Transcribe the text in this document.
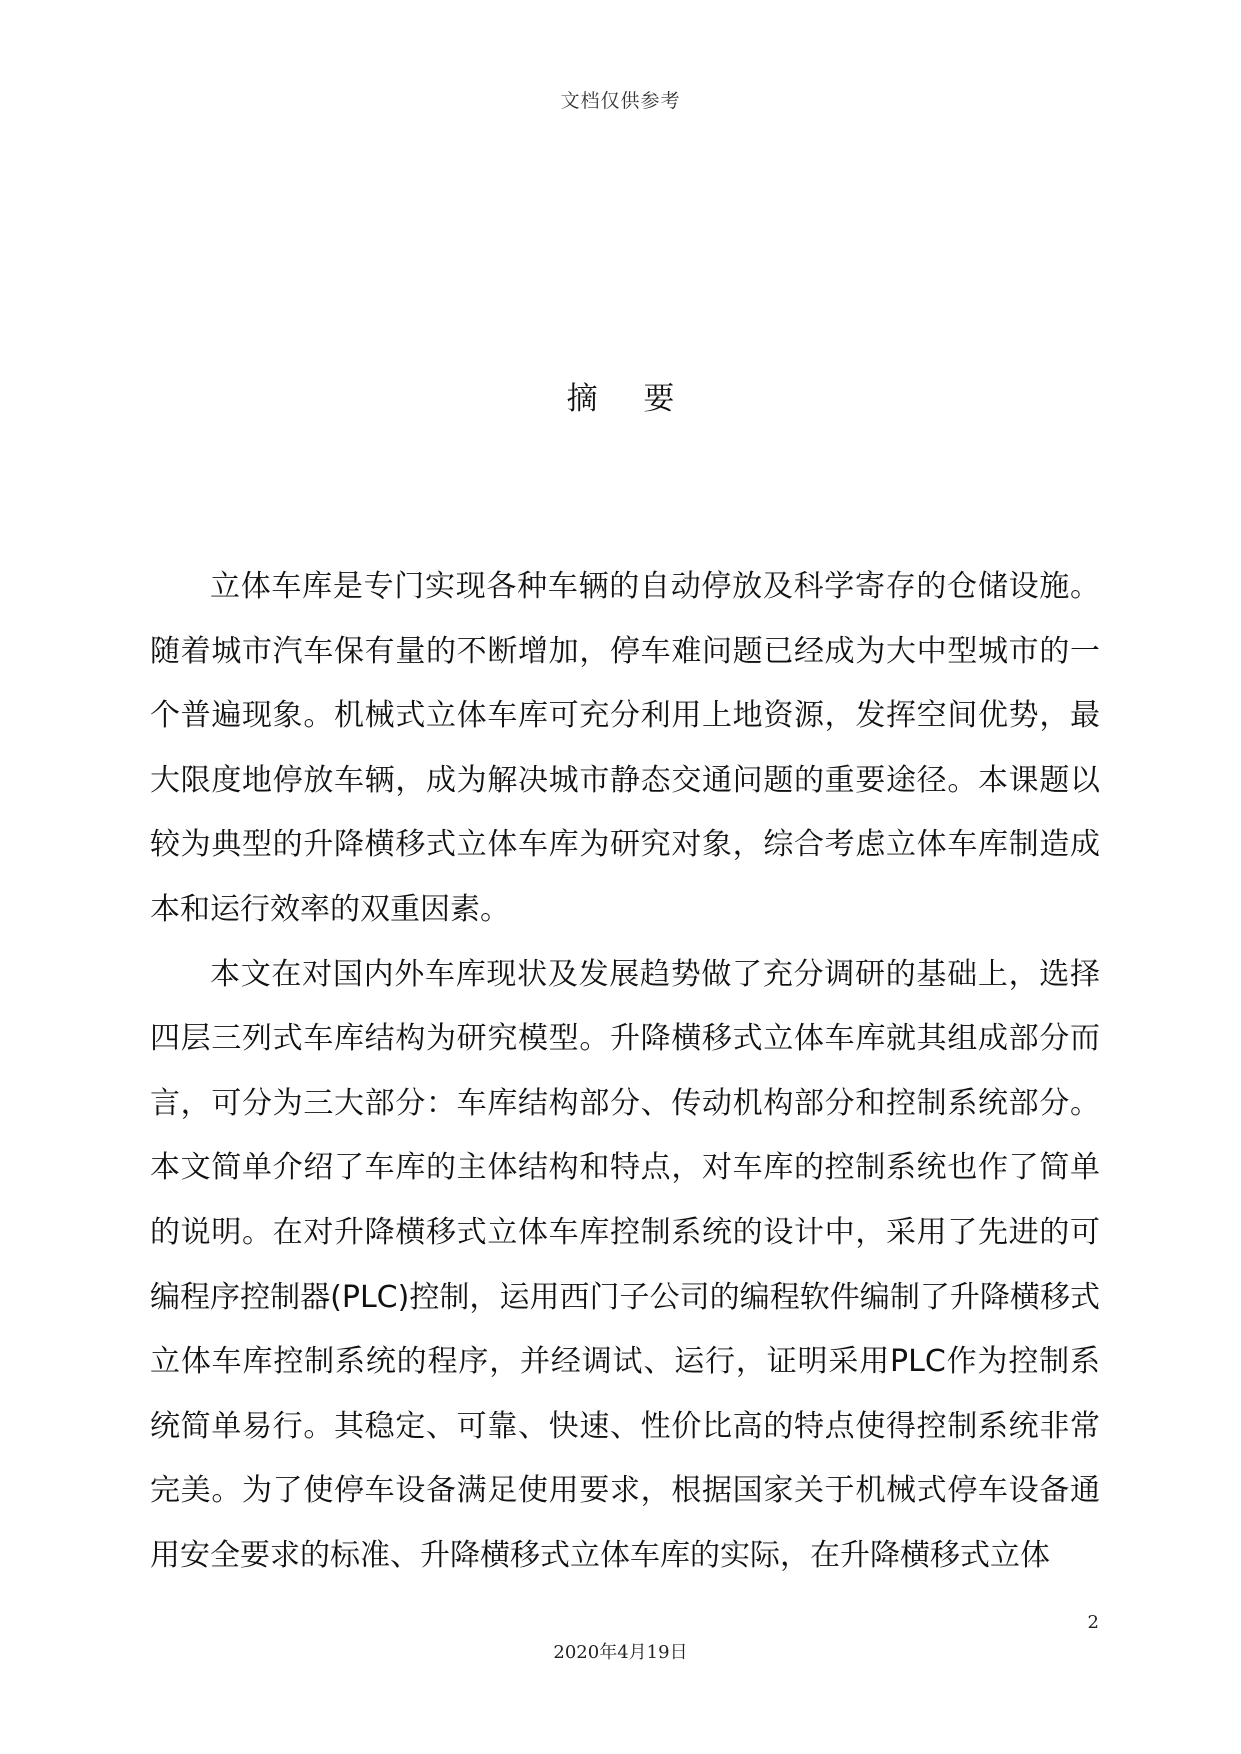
文档仅供参考
摘 要

立体车库是专门实现各种车辆的自动停放及科学寄存的仓储设施。随着城市汽车保有量的不断增加，停车难问题已经成为大中型城市的一个普遍现象。机械式立体车库可充分利用上地资源，发挥空间优势，最大限度地停放车辆，成为解决城市静态交通问题的重要途径。本课题以较为典型的升降横移式立体车库为研究对象，综合考虑立体车库制造成本和运行效率的双重因素。

本文在对国内外车库现状及发展趋势做了充分调研的基础上，选择四层三列式车库结构为研究模型。升降横移式立体车库就其组成部分而言，可分为三大部分：车库结构部分、传动机构部分和控制系统部分。本文简单介绍了车库的主体结构和特点，对车库的控制系统也作了简单的说明。在对升降横移式立体车库控制系统的设计中，采用了先进的可编程序控制器(PLC)控制，运用西门子公司的编程软件编制了升降横移式立体车库控制系统的程序，并经调试、运行，证明采用PLC作为控制系统简单易行。其稳定、可靠、快速、性价比高的特点使得控制系统非常完美。为了使停车设备满足使用要求，根据国家关于机械式停车设备通用安全要求的标准、升降横移式立体车库的实际，在升降横移式立体

2
2020年4月19日
